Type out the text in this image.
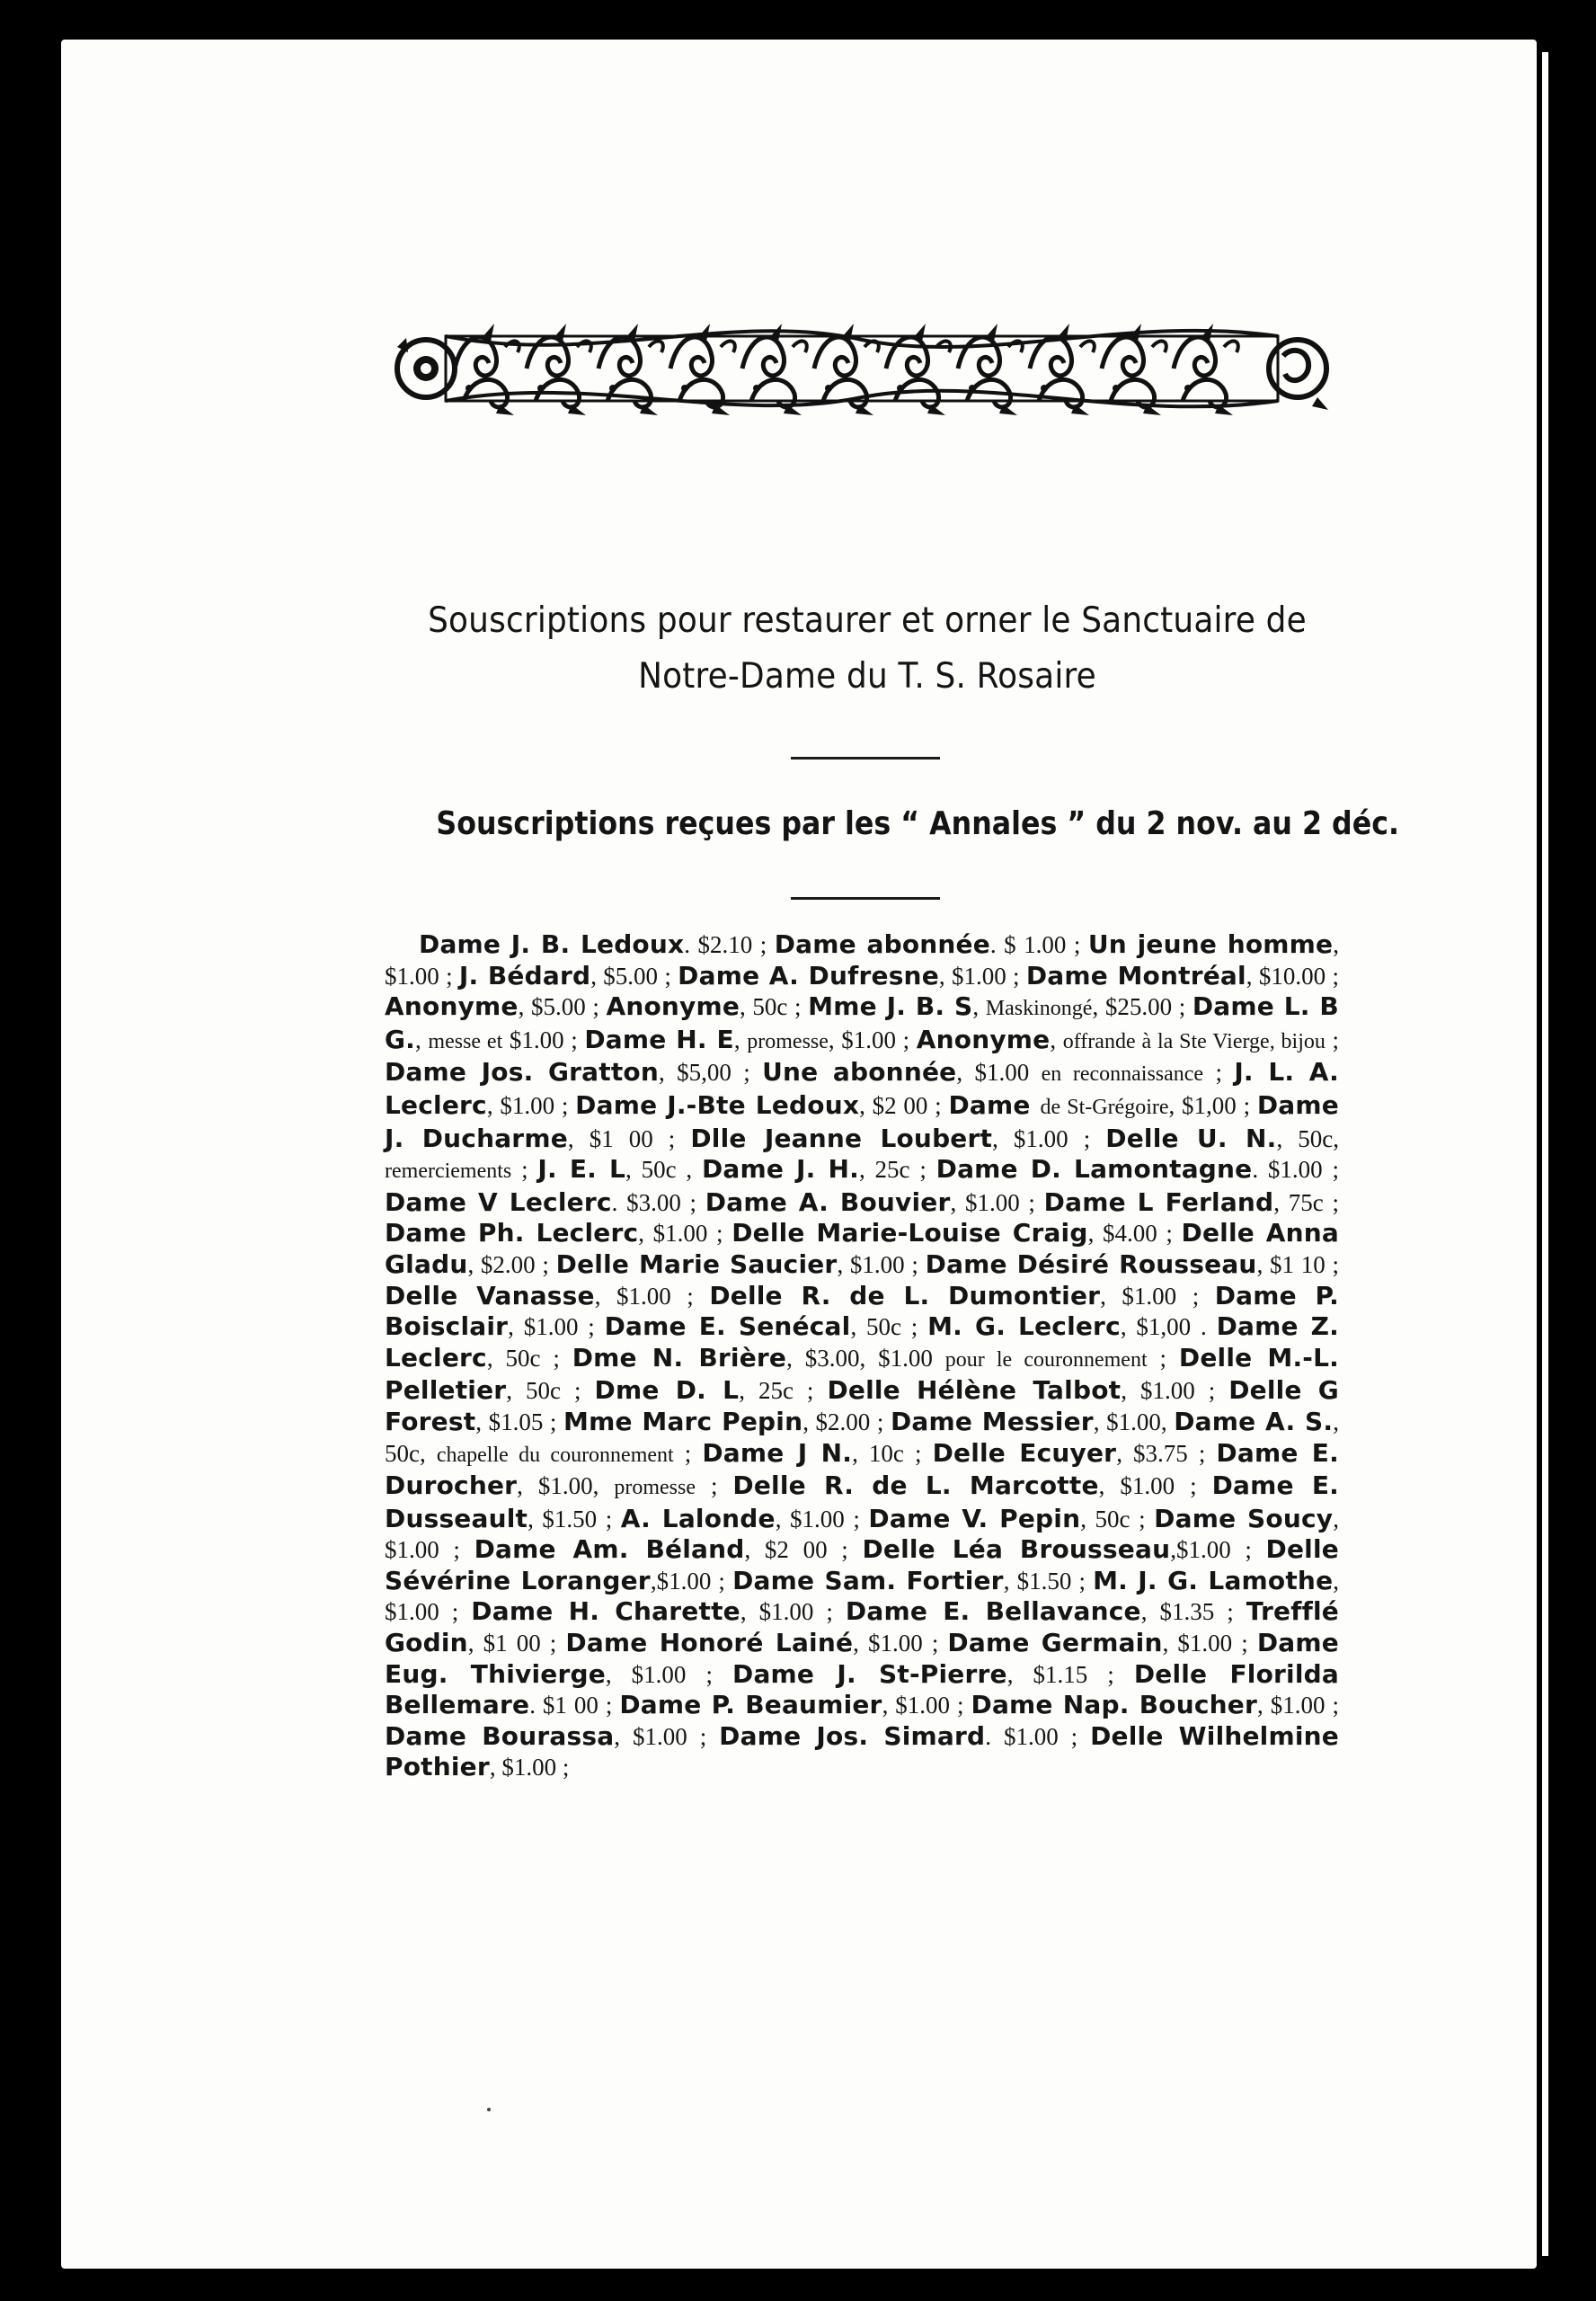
Souscriptions pour restaurer et orner le Sanctuaire de
Notre-Dame du T. S. Rosaire
Souscriptions reçues par les “ Annales ” du 2 nov. au 2 déc.

Dame J. B. Ledoux. $2.10 ; Dame abonnée. $ 1.00 ; Un jeune homme, $1.00 ; J. Bédard, $5.00 ; Dame A. Dufresne, $1.00 ; Dame Montréal, $10.00 ; Anonyme, $5.00 ; Anonyme, 50c ; Mme J. B. S, Maskinongé, $25.00 ; Dame L. B G., messe et $1.00 ; Dame H. E, promesse, $1.00 ; Anonyme, offrande à la Ste Vierge, bijou ; Dame Jos. Gratton, $5,00 ; Une abonnée, $1.00 en reconnaissance ; J. L. A. Leclerc, $1.00 ; Dame J.-Bte Ledoux, $2 00 ; Dame de St-Grégoire, $1,00 ; Dame J. Ducharme, $1 00 ; Dlle Jeanne Loubert, $1.00 ; Delle U. N., 50c, remerciements ; J. E. L, 50c , Dame J. H., 25c ; Dame D. Lamontagne. $1.00 ; Dame V Leclerc. $3.00 ; Dame A. Bouvier, $1.00 ; Dame L Ferland, 75c ; Dame Ph. Leclerc, $1.00 ; Delle Marie-Louise Craig, $4.00 ; Delle Anna Gladu, $2.00 ; Delle Marie Saucier, $1.00 ; Dame Désiré Rousseau, $1 10 ; Delle Vanasse, $1.00 ; Delle R. de L. Dumontier, $1.00 ; Dame P. Boisclair, $1.00 ; Dame E. Senécal, 50c ; M. G. Leclerc, $1,00 . Dame Z. Leclerc, 50c ; Dme N. Brière, $3.00, $1.00 pour le couronnement ; Delle M.-L. Pelletier, 50c ; Dme D. L, 25c ; Delle Hélène Talbot, $1.00 ; Delle G Forest, $1.05 ; Mme Marc Pepin, $2.00 ; Dame Messier, $1.00, Dame A. S., 50c, chapelle du couronnement ; Dame J N., 10c ; Delle Ecuyer, $3.75 ; Dame E. Durocher, $1.00, promesse ; Delle R. de L. Marcotte, $1.00 ; Dame E. Dusseault, $1.50 ; A. Lalonde, $1.00 ; Dame V. Pepin, 50c ; Dame Soucy, $1.00 ; Dame Am. Béland, $2 00 ; Delle Léa Brousseau,$1.00 ; Delle Sévérine Loranger,$1.00 ; Dame Sam. Fortier, $1.50 ; M. J. G. Lamothe, $1.00 ; Dame H. Charette, $1.00 ; Dame E. Bellavance, $1.35 ; Trefflé Godin, $1 00 ; Dame Honoré Lainé, $1.00 ; Dame Germain, $1.00 ; Dame Eug. Thivierge, $1.00 ; Dame J. St-Pierre, $1.15 ; Delle Florilda Bellemare. $1 00 ; Dame P. Beaumier, $1.00 ; Dame Nap. Boucher, $1.00 ; Dame Bourassa, $1.00 ; Dame Jos. Simard. $1.00 ; Delle Wilhelmine Pothier, $1.00 ;
